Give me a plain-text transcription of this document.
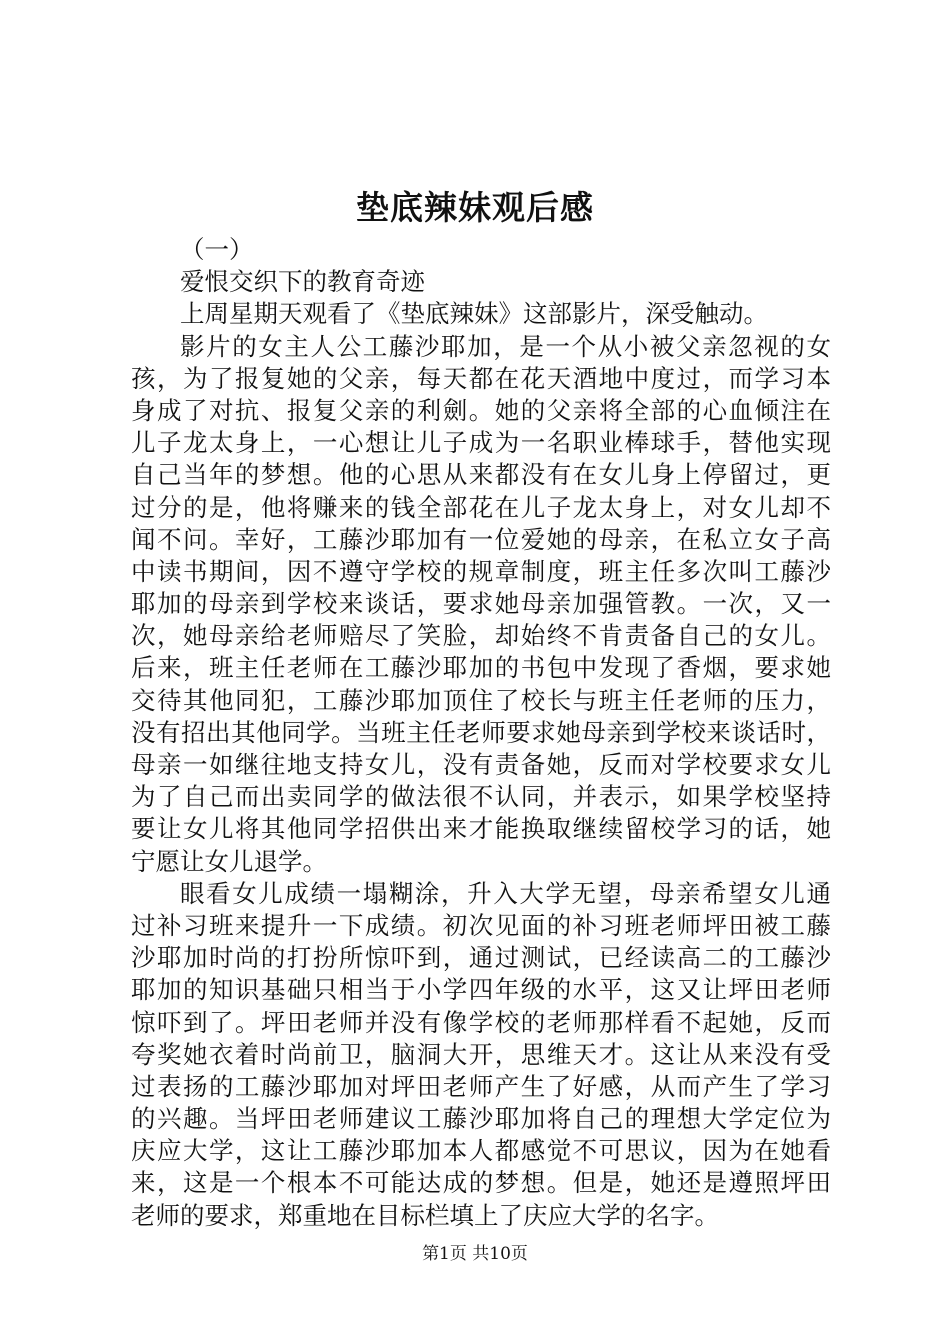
垫底辣妹观后感
（一）
爱恨交织下的教育奇迹
上周星期天观看了《垫底辣妹》这部影片，深受触动。
影片的女主人公工藤沙耶加，是一个从小被父亲忽视的女
孩，为了报复她的父亲，每天都在花天酒地中度过，而学习本
身成了对抗、报复父亲的利劍。她的父亲将全部的心血倾注在
儿子龙太身上，一心想让儿子成为一名职业棒球手，替他实现
自己当年的梦想。他的心思从来都没有在女儿身上停留过，更
过分的是，他将赚来的钱全部花在儿子龙太身上，对女儿却不
闻不问。幸好，工藤沙耶加有一位爱她的母亲，在私立女子高
中读书期间，因不遵守学校的规章制度，班主任多次叫工藤沙
耶加的母亲到学校来谈话，要求她母亲加强管教。一次，又一
次，她母亲给老师赔尽了笑脸，却始终不肯责备自己的女儿。
后来，班主任老师在工藤沙耶加的书包中发现了香烟，要求她
交待其他同犯，工藤沙耶加顶住了校长与班主任老师的压力，
没有招出其他同学。当班主任老师要求她母亲到学校来谈话时，
母亲一如继往地支持女儿，没有责备她，反而对学校要求女儿
为了自己而出卖同学的做法很不认同，并表示，如果学校坚持
要让女儿将其他同学招供出来才能换取继续留校学习的话，她
宁愿让女儿退学。
眼看女儿成绩一塌糊涂，升入大学无望，母亲希望女儿通
过补习班来提升一下成绩。初次见面的补习班老师坪田被工藤
沙耶加时尚的打扮所惊吓到，通过测试，已经读高二的工藤沙
耶加的知识基础只相当于小学四年级的水平，这又让坪田老师
惊吓到了。坪田老师并没有像学校的老师那样看不起她，反而
夸奖她衣着时尚前卫，脑洞大开，思维天才。这让从来没有受
过表扬的工藤沙耶加对坪田老师产生了好感，从而产生了学习
的兴趣。当坪田老师建议工藤沙耶加将自己的理想大学定位为
庆应大学，这让工藤沙耶加本人都感觉不可思议，因为在她看
来，这是一个根本不可能达成的梦想。但是，她还是遵照坪田
老师的要求，郑重地在目标栏填上了庆应大学的名字。
第1页 共10页
